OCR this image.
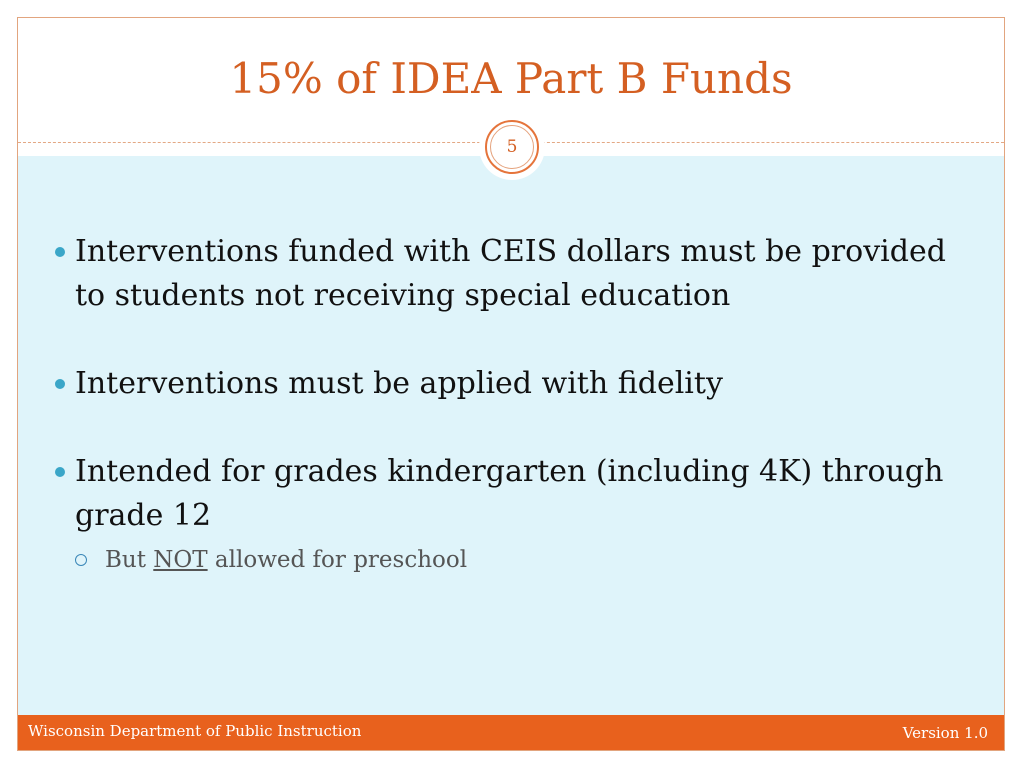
15% of IDEA Part B Funds
5
Interventions funded with CEIS dollars must be provided to students not receiving special education
Interventions must be applied with fidelity
Intended for grades kindergarten (including 4K) through grade 12
But NOT allowed for preschool
Wisconsin Department of Public Instruction	Version 1.0
